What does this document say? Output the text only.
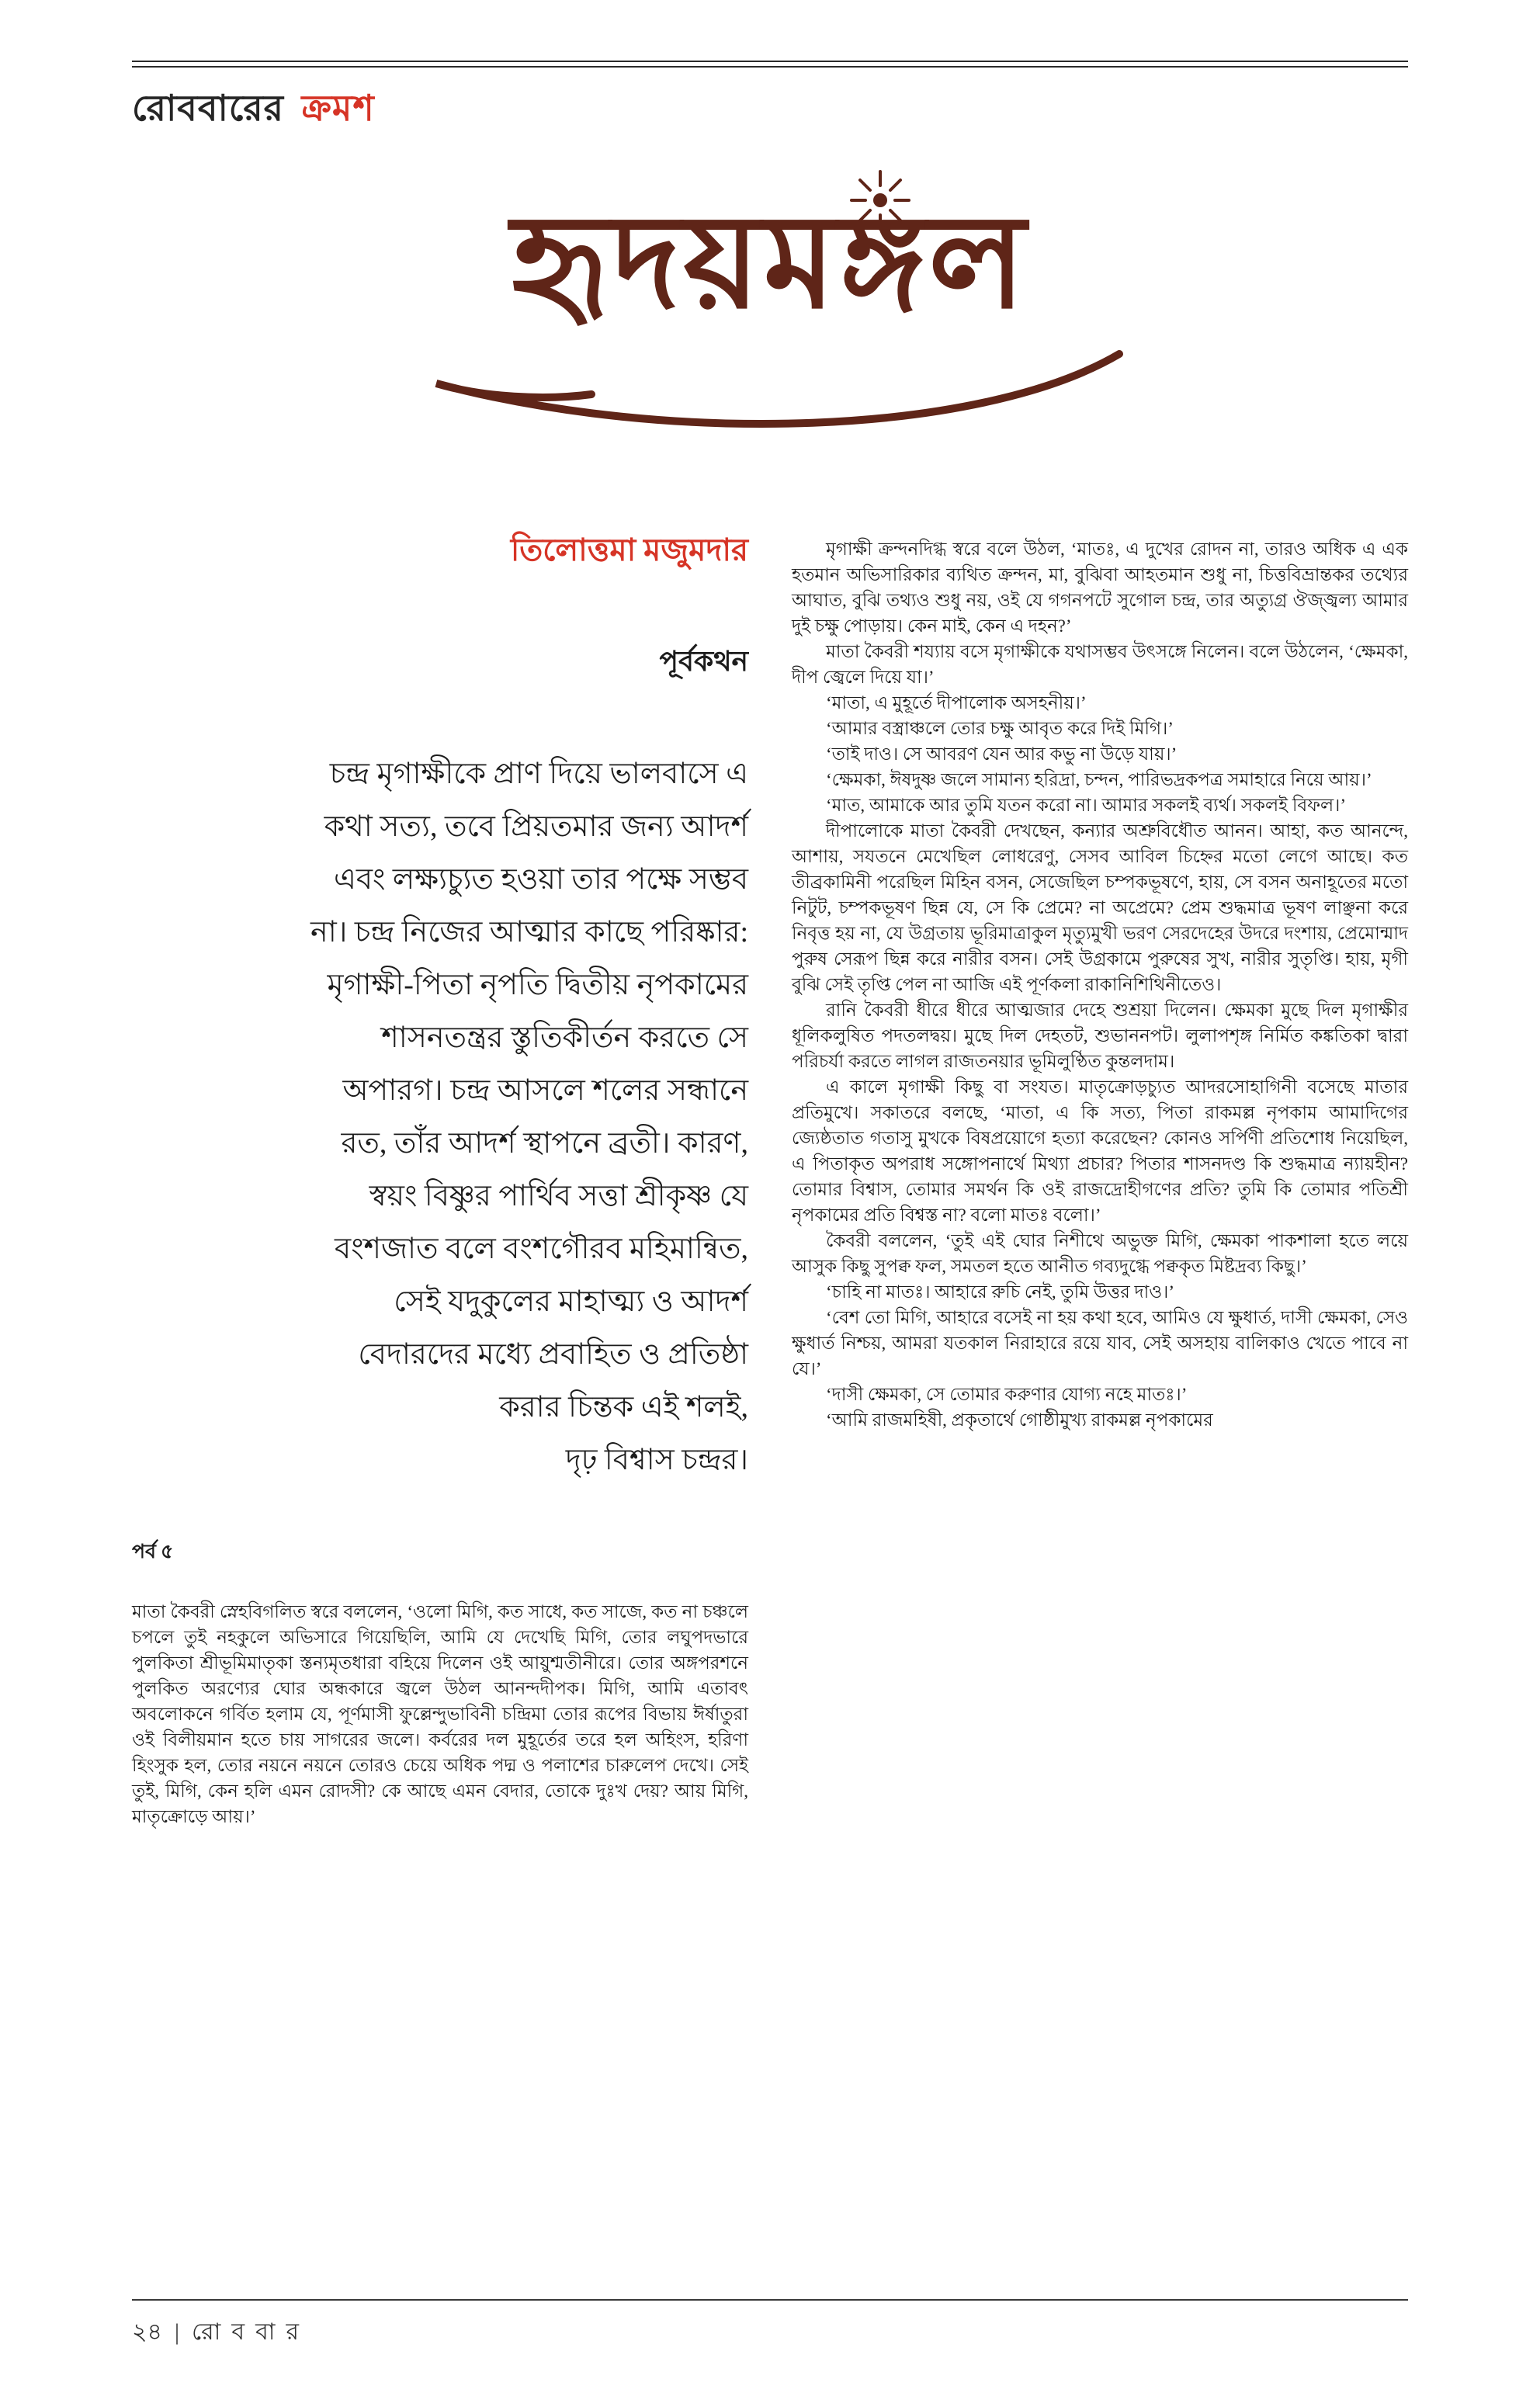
রোববারের ক্রমশ
হৃদয়মঙ্গল
তিলোত্তমা মজুমদার
পূর্বকথন
চন্দ্র মৃগাক্ষীকে প্রাণ দিয়ে ভালবাসে এ
কথা সত্য, তবে প্রিয়তমার জন্য আদর্শ
এবং লক্ষ্যচ্যুত হওয়া তার পক্ষে সম্ভব
না। চন্দ্র নিজের আত্মার কাছে পরিষ্কার:
মৃগাক্ষী-পিতা নৃপতি দ্বিতীয় নৃপকামের
শাসনতন্ত্রর স্তুতিকীর্তন করতে সে
অপারগ। চন্দ্র আসলে শলের সন্ধানে
রত, তাঁর আদর্শ স্থাপনে ব্রতী। কারণ,
স্বয়ং বিষ্ণুর পার্থিব সত্তা শ্রীকৃষ্ণ যে
বংশজাত বলে বংশগৌরব মহিমান্বিত,
সেই যদুকুলের মাহাত্ম্য ও আদর্শ
বেদারদের মধ্যে প্রবাহিত ও প্রতিষ্ঠা
করার চিন্তক এই শলই,
দৃঢ় বিশ্বাস চন্দ্রর।
পর্ব ৫

মাতা কৈবরী স্নেহবিগলিত স্বরে বললেন, ‘ওলো মিগি, কত সাধে, কত সাজে, কত না চঞ্চলে চপলে তুই নহকুলে অভিসারে গিয়েছিলি, আমি যে দেখেছি মিগি, তোর লঘুপদভারে পুলকিতা শ্রীভূমিমাতৃকা স্তন্যমৃতধারা বহিয়ে দিলেন ওই আয়ুশ্মতীনীরে। তোর অঙ্গপরশনে পুলকিত অরণ্যের ঘোর অন্ধকারে জ্বলে উঠল আনন্দদীপক। মিগি, আমি এতাবৎ অবলোকনে গর্বিত হলাম যে, পূর্ণমাসী ফুল্লেন্দুভাবিনী চন্দ্রিমা তোর রূপের বিভায় ঈর্ষাতুরা ওই বিলীয়মান হতে চায় সাগরের জলে। কর্বরের দল মুহূর্তের তরে হল অহিংস, হরিণা হিংসুক হল, তোর নয়নে নয়নে তোরও চেয়ে অধিক পদ্ম ও পলাশের চারুলেপ দেখে। সেই তুই, মিগি, কেন হলি এমন রোদসী? কে আছে এমন বেদার, তোকে দুঃখ দেয়? আয় মিগি, মাতৃক্রোড়ে আয়।’

মৃগাক্ষী ক্রন্দনদিগ্ধ স্বরে বলে উঠল, ‘মাতঃ, এ দুখের রোদন না, তারও অধিক এ এক হতমান অভিসারিকার ব্যথিত ক্রন্দন, মা, বুঝিবা আহতমান শুধু না, চিত্তবিভ্রান্তকর তথ্যের আঘাত, বুঝি তথ্যও শুধু নয়, ওই যে গগনপটে সুগোল চন্দ্র, তার অত্যুগ্র ঔজ্জ্বল্য আমার দুই চক্ষু পোড়ায়। কেন মাই, কেন এ দহন?’

মাতা কৈবরী শয্যায় বসে মৃগাক্ষীকে যথাসম্ভব উৎসঙ্গে নিলেন। বলে উঠলেন, ‘ক্ষেমকা, দীপ জ্বেলে দিয়ে যা।’

‘মাতা, এ মুহূর্তে দীপালোক অসহনীয়।’

‘আমার বস্ত্রাঞ্চলে তোর চক্ষু আবৃত করে দিই মিগি।’

‘তাই দাও। সে আবরণ যেন আর কভু না উড়ে যায়।’

‘ক্ষেমকা, ঈষদুষ্ণ জলে সামান্য হরিদ্রা, চন্দন, পারিভদ্রকপত্র সমাহারে নিয়ে আয়।’

‘মাত, আমাকে আর তুমি যতন করো না। আমার সকলই ব্যর্থ। সকলই বিফল।’

দীপালোকে মাতা কৈবরী দেখছেন, কন্যার অশ্রুবিধৌত আনন। আহা, কত আনন্দে, আশায়, সযতনে মেখেছিল লোধরেণু, সেসব আবিল চিহ্নের মতো লেগে আছে। কত তীব্রকামিনী পরেছিল মিহিন বসন, সেজেছিল চম্পকভূষণে, হায়, সে বসন অনাহূতের মতো নিটুট, চম্পকভূষণ ছিন্ন যে, সে কি প্রেমে? না অপ্রেমে? প্রেম শুদ্ধমাত্র ভূষণ লাঞ্ছনা করে নিবৃত্ত হয় না, যে উগ্রতায় ভূরিমাত্রাকুল মৃত্যুমুখী ভরণ সেরদেহের উদরে দংশায়, প্রেমোন্মাদ পুরুষ সেরূপ ছিন্ন করে নারীর বসন। সেই উগ্রকামে পুরুষের সুখ, নারীর সুতৃপ্তি। হায়, মৃগী বুঝি সেই তৃপ্তি পেল না আজি এই পূর্ণকলা রাকানিশিথিনীতেও।

রানি কৈবরী ধীরে ধীরে আত্মজার দেহে শুশ্রয়া দিলেন। ক্ষেমকা মুছে দিল মৃগাক্ষীর ধূলিকলুষিত পদতলদ্বয়। মুছে দিল দেহতট, শুভাননপট। লুলাপশৃঙ্গ নির্মিত কঙ্কতিকা দ্বারা পরিচর্যা করতে লাগল রাজতনয়ার ভূমিলুণ্ঠিত কুন্তলদাম।

এ কালে মৃগাক্ষী কিছু বা সংযত। মাতৃক্রোড়চ্যুত আদরসোহাগিনী বসেছে মাতার প্রতিমুখে। সকাতরে বলছে, ‘মাতা, এ কি সত্য, পিতা রাকমল্ল নৃপকাম আমাদিগের জ্যেষ্ঠতাত গতাসু মুখকে বিষপ্রয়োগে হত্যা করেছেন? কোনও সর্পিণী প্রতিশোধ নিয়েছিল, এ পিতাকৃত অপরাধ সঙ্গোপনার্থে মিথ্যা প্রচার? পিতার শাসনদণ্ড কি শুদ্ধমাত্র ন্যায়হীন? তোমার বিশ্বাস, তোমার সমর্থন কি ওই রাজদ্রোহীগণের প্রতি? তুমি কি তোমার পতিশ্রী নৃপকামের প্রতি বিশ্বস্ত না? বলো মাতঃ বলো।’

কৈবরী বললেন, ‘তুই এই ঘোর নিশীথে অভুক্ত মিগি, ক্ষেমকা পাকশালা হতে লয়ে আসুক কিছু সুপক্ব ফল, সমতল হতে আনীত গব্যদুগ্ধে পক্বকৃত মিষ্টদ্রব্য কিছু।’

‘চাহি না মাতঃ। আহারে রুচি নেই, তুমি উত্তর দাও।’

‘বেশ তো মিগি, আহারে বসেই না হয় কথা হবে, আমিও যে ক্ষুধার্ত, দাসী ক্ষেমকা, সেও ক্ষুধার্ত নিশ্চয়, আমরা যতকাল নিরাহারে রয়ে যাব, সেই অসহায় বালিকাও খেতে পাবে না যে।’

‘দাসী ক্ষেমকা, সে তোমার করুণার যোগ্য নহে মাতঃ।’

‘আমি রাজমহিষী, প্রকৃতার্থে গোষ্ঠীমুখ্য রাকমল্ল নৃপকামের

২৪ | রোববার
